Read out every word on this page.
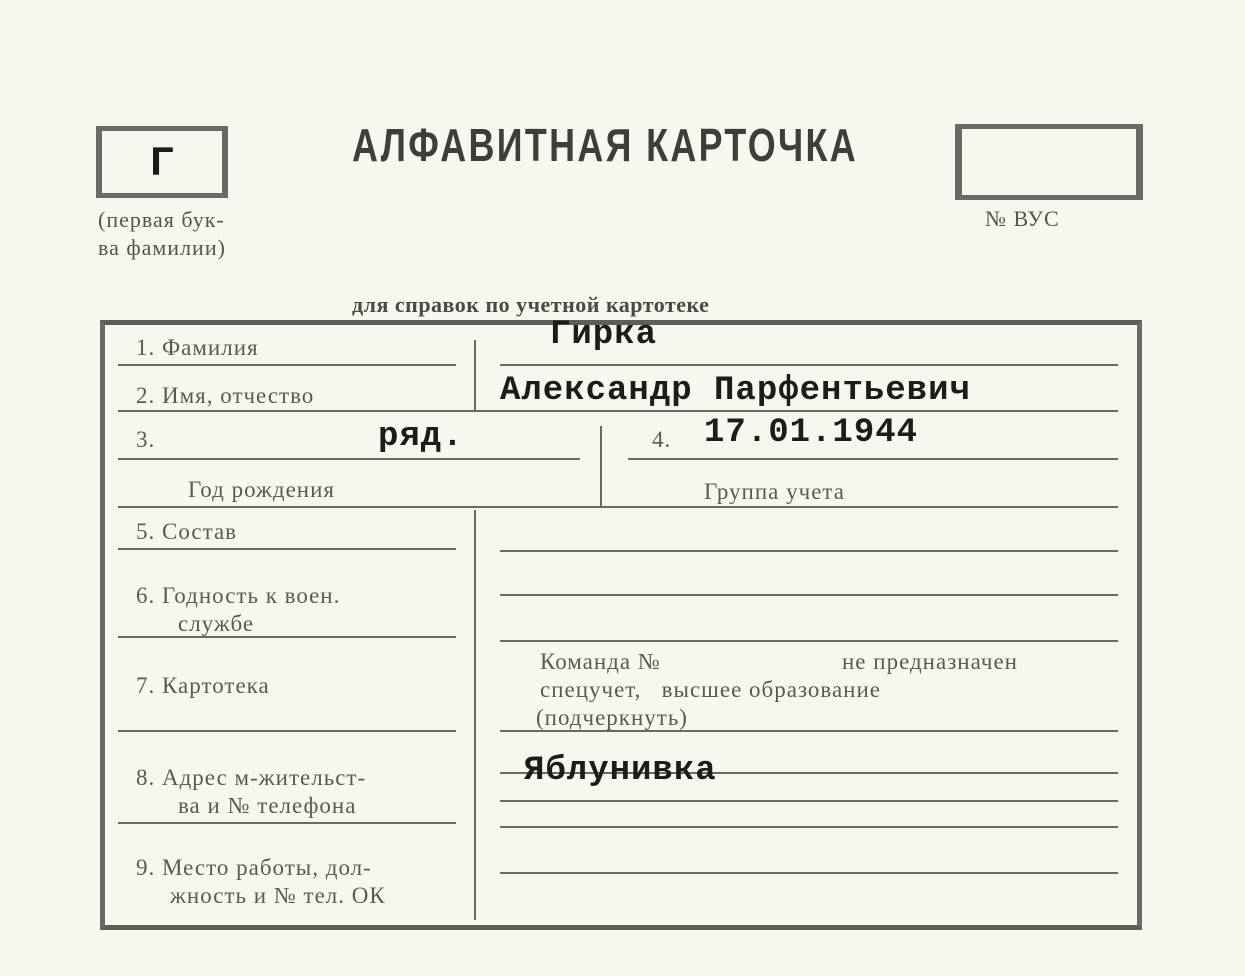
Г
(первая бук-
ва фамилии)
АЛФАВИТНАЯ КАРТОЧКА
№ ВУС
для справок по учетной картотеке
1. Фамилия	Гирка
2. Имя, отчество	Александр Парфентьевич
3.	ряд.
Год рождения
4. 17.01.1944
Группа учета
5. Состав
6. Годность к воен.
службе
7. Картотека
Команда №	не предназначен
спецучет,   высшее образование
(подчеркнуть)
8. Адрес м-жительст-
ва и № телефона
Яблунивка
9. Место работы, дол-
жность и № тел. ОК
